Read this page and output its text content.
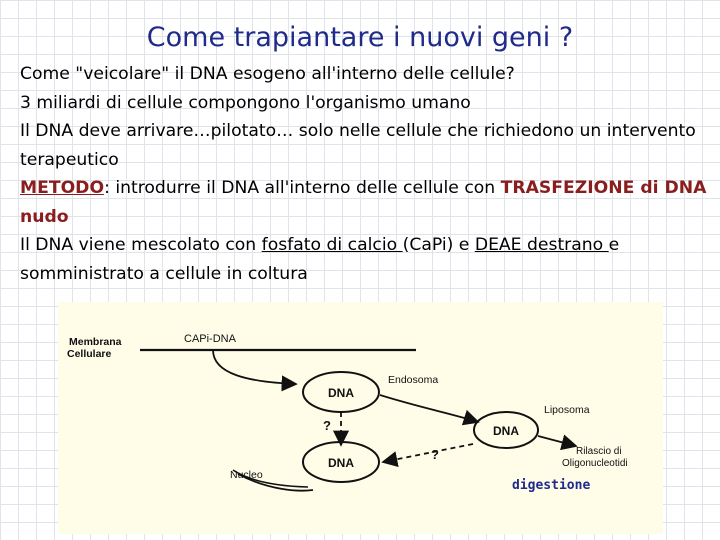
Come trapiantare i nuovi geni ?

Come "veicolare" il DNA esogeno all'interno delle cellule?

3 miliardi di cellule compongono l'organismo umano

Il DNA deve arrivare…pilotato… solo nelle cellule che richiedono un intervento terapeutico

METODO: introdurre il DNA all'interno delle cellule con TRASFEZIONE di DNA nudo

Il DNA viene mescolato con fosfato di calcio (CaPi) e DEAE destrano e somministrato a cellule in coltura

Membrana
Cellulare
CAPi-DNA
DNA
Endosoma
Liposoma
DNA
Rilascio di
Oligonucleotidi
?
DNA
?
Nucleo
digestione
